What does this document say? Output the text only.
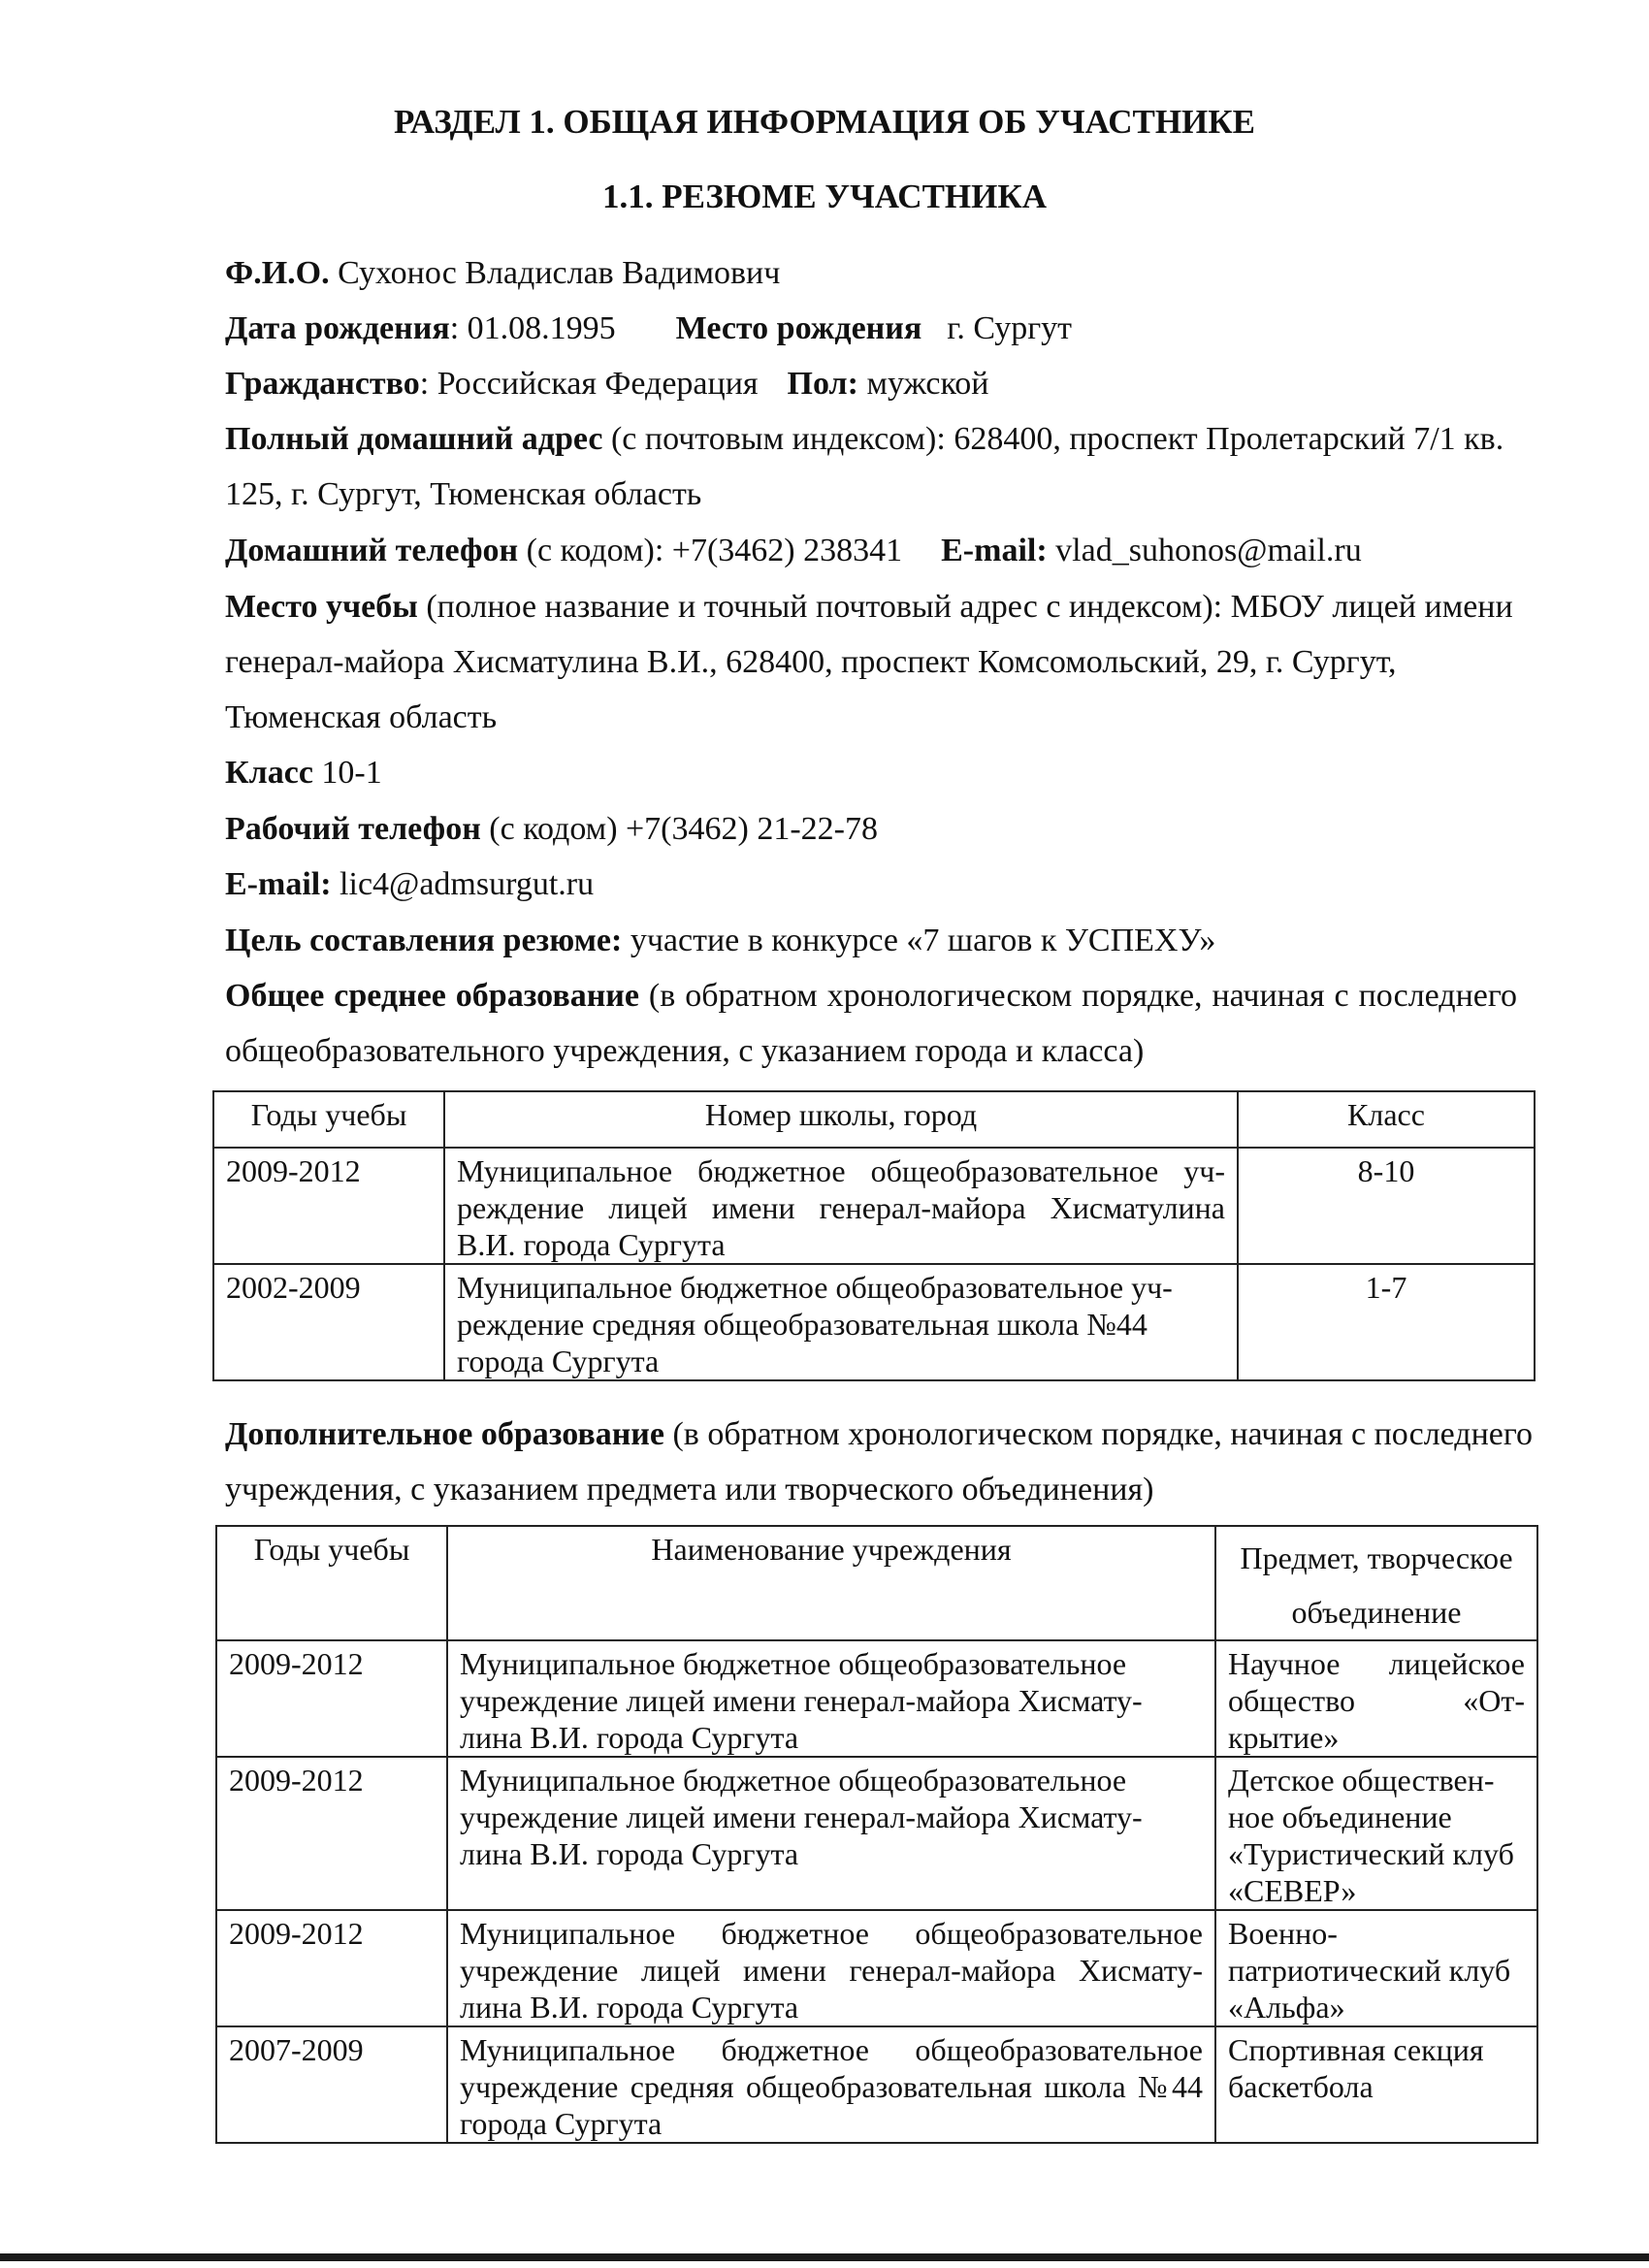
РАЗДЕЛ 1. ОБЩАЯ ИНФОРМАЦИЯ ОБ УЧАСТНИКЕ
1.1. РЕЗЮМЕ УЧАСТНИКА
Ф.И.О. Сухонос Владислав Вадимович
Дата рождения: 01.08.1995 Место рождения г. Сургут
Гражданство: Российская Федерация Пол: мужской
Полный домашний адрес (с почтовым индексом): 628400, проспект Пролетарский 7/1 кв.
125, г. Сургут, Тюменская область
Домашний телефон (с кодом): +7(3462) 238341 E-mail: vlad_suhonos@mail.ru
Место учебы (полное название и точный почтовый адрес с индексом): МБОУ лицей имени
генерал-майора Хисматулина В.И., 628400, проспект Комсомольский, 29, г. Сургут,
Тюменская область
Класс 10-1
Рабочий телефон (с кодом) +7(3462) 21-22-78
E-mail: lic4@admsurgut.ru
Цель составления резюме: участие в конкурсе «7 шагов к УСПЕХУ»
Общее среднее образование (в обратном хронологическом порядке, начиная с последнего
общеобразовательного учреждения, с указанием города и класса)
Годы учебы	Номер школы, город	Класс
2009-2012	Муниципальное бюджетное общеобразовательное уч-реждение лицей имени генерал-майора Хисматулина В.И. города Сургута	8-10
2002-2009	Муниципальное бюджетное общеобразовательное уч-реждение средняя общеобразовательная школа №44 города Сургута	1-7
Дополнительное образование (в обратном хронологическом порядке, начиная с последнего
учреждения, с указанием предмета или творческого объединения)
Годы учебы	Наименование учреждения	Предмет, творческое объединение
2009-2012	Муниципальное бюджетное общеобразовательное учреждение лицей имени генерал-майора Хисмату-лина В.И. города Сургута	Научное лицейское общество «От-крытие»
2009-2012	Муниципальное бюджетное общеобразовательное учреждение лицей имени генерал-майора Хисмату-лина В.И. города Сургута	Детское обществен-ное объединение «Туристический клуб «СЕВЕР»
2009-2012	Муниципальное бюджетное общеобразовательное учреждение лицей имени генерал-майора Хисмату-лина В.И. города Сургута	Военно-патриотический клуб «Альфа»
2007-2009	Муниципальное бюджетное общеобразовательное учреждение средняя общеобразовательная школа №44 города Сургута	Спортивная секция баскетбола
